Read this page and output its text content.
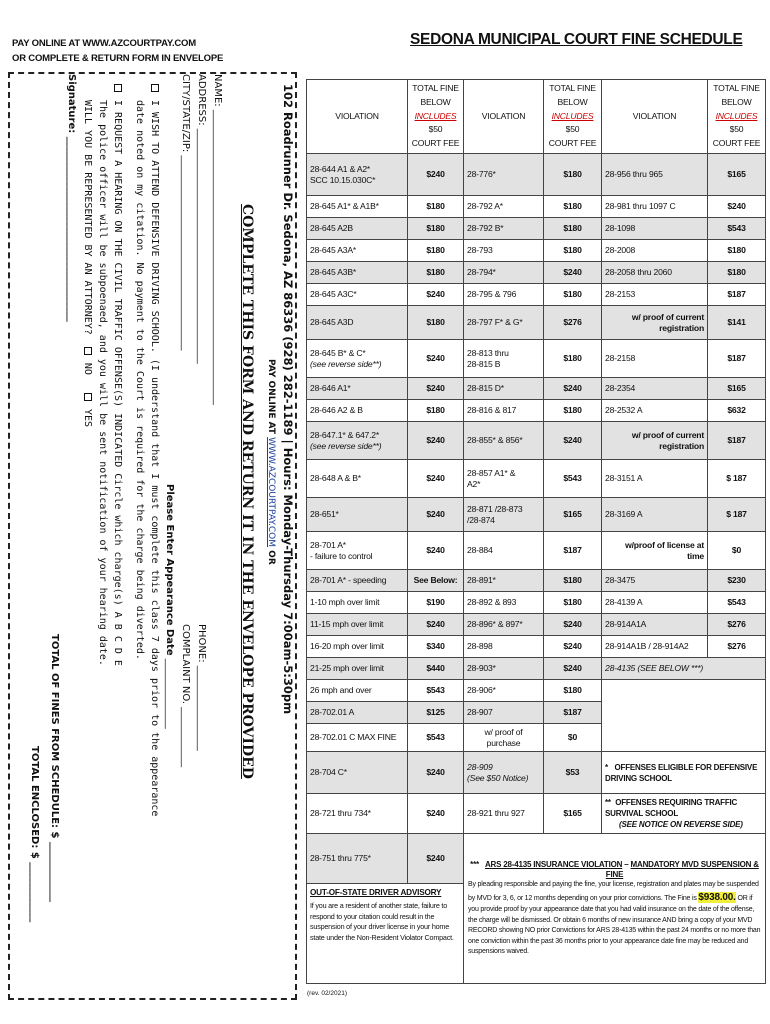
PAY ONLINE AT WWW.AZCOURTPAY.COM
OR COMPLETE & RETURN FORM IN ENVELOPE
SEDONA MUNICIPAL COURT FINE SCHEDULE
102 Roadrunner Dr. Sedona, AZ 86336 (928) 282-1189 | Hours: Monday-Thursday 7:00am-5:30pm
PAY ONLINE AT WWW.AZCOURTPAY.COM OR
COMPLETE THIS FORM AND RETURN IT IN THE ENVELOPE PROVIDED
NAME: ___________________________________________________________
ADDRESS: _______________________________________________
PHONE: _________________
CITY/STATE/ZIP: _______________________________________
COMPLAINT NO. ____________
Please Enter Appearance Date ______________
I WISH TO ATTEND DEFENSIVE DRIVING SCHOOL. (I understand that I must complete this class 7 days prior to the appearance
date noted on my citation. No payment to the Court is required for the charge being diverted.
I REQUEST A HEARING ON THE CIVIL TRAFFIC OFFENSE(S) INDICATED Circle which charge(s) A B C D E
The police officer will be subpoenaed, and you will be sent notification of your hearing date.
WILL YOU BE REPRESENTED BY AN ATTORNEY?  NO   YES
Signature: _____________________________________
TOTAL OF FINES FROM SCHEDULE: $ ____________
TOTAL ENCLOSED: $ ____________
VIOLATION	TOTAL FINE
BELOW
INCLUDES $50
COURT FEE	VIOLATION	TOTAL FINE
BELOW
INCLUDES $50
COURT FEE	VIOLATION	TOTAL FINE
BELOW
INCLUDES $50
COURT FEE
28-644 A1 & A2*
SCC 10.15.030C*	$240	28-776*	$180	28-956 thru 965	$165
28-645 A1* & A1B*	$180	28-792 A*	$180	28-981 thru 1097 C	$240
28-645 A2B	$180	28-792 B*	$180	28-1098	$543
28-645 A3A*	$180	28-793	$180	28-2008	$180
28-645 A3B*	$180	28-794*	$240	28-2058 thru 2060	$180
28-645 A3C*	$240	28-795 & 796	$180	28-2153	$187
28-645 A3D	$180	28-797 F* & G*	$276	w/ proof of current
registration	$141
28-645 B* & C*
(see reverse side**)	$240	28-813 thru
28-815 B	$180	28-2158	$187
28-646 A1*	$240	28-815 D*	$240	28-2354	$165
28-646 A2 & B	$180	28-816 & 817	$180	28-2532 A	$632
28-647.1* & 647.2*
(see reverse side**)	$240	28-855* & 856*	$240	w/ proof of current
registration	$187
28-648 A & B*	$240	28-857 A1* &
A2*	$543	28-3151 A	$ 187
28-651*	$240	28-871 /28-873
/28-874	$165	28-3169 A	$ 187
28-701 A*
- failure to control	$240	28-884	$187	w/proof of license at
time	$0
28-701 A* - speeding	See Below:	28-891*	$180	28-3475	$230
1-10 mph over limit	$190	28-892 & 893	$180	28-4139 A	$543
11-15 mph over limit	$240	28-896* & 897*	$240	28-914A1A	$276
16-20 mph over limit	$340	28-898	$240	28-914A1B / 28-914A2	$276
21-25 mph over limit	$440	28-903*	$240	28-4135 (SEE BELOW ***)	
26 mph and over	$543	28-906*	$180		
28-702.01 A	$125	28-907	$187		
28-702.01 C MAX FINE	$543	w/ proof of
purchase	$0		
28-704 C*	$240	28-909
(See $50 Notice)	$53	* OFFENSES ELIGIBLE FOR DEFENSIVE DRIVING SCHOOL	
28-721 thru 734*	$240	28-921 thru 927	$165	** OFFENSES REQUIRING TRAFFIC SURVIVAL SCHOOL
(SEE NOTICE ON REVERSE SIDE)	
28-751 thru 775*	$240	*** ARS 28-4135 INSURANCE VIOLATION – MANDATORY MVD SUSPENSION & FINE
By pleading responsible and paying the fine, your license, registration and plates may be suspended by MVD for 3, 6, or 12 months depending on your prior convictions. The Fine is $938.00. OR if you provide proof by your appearance date that you had valid insurance on the date of the offense, the charge will be dismissed. Or obtain 6 months of new insurance AND bring a copy of your MVD RECORD showing NO prior Convictions for ARS 28-4135 within the past 24 months or no more than one conviction within the past 36 months prior to your appearance date fine may be reduced and suspensions waived.			

OUT-OF-STATE DRIVER ADVISORY
If you are a resident of another state, failure to respond to your citation could result in the suspension of your driver license in your home state under the Non-Resident Violator Compact.					
(rev. 02/2021)
